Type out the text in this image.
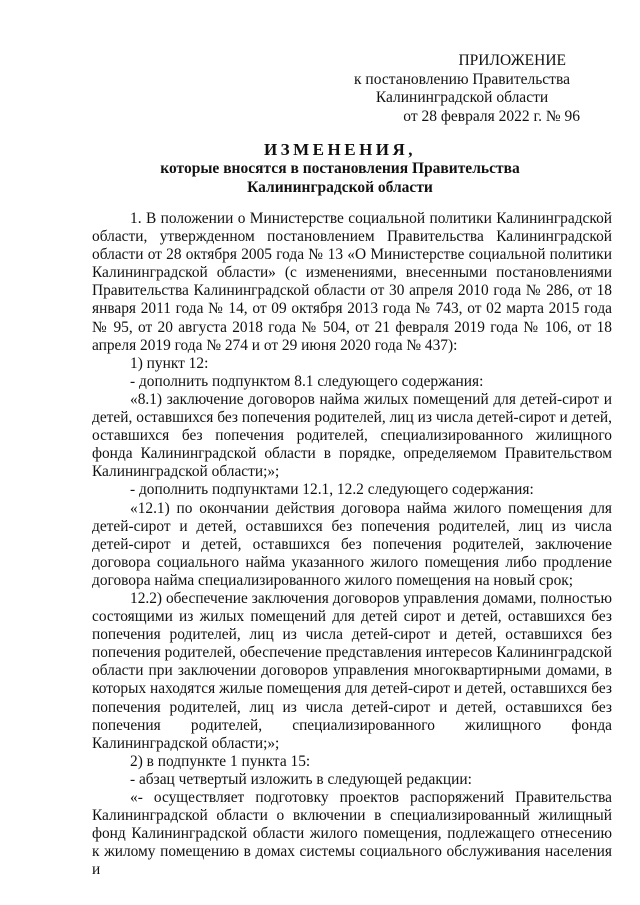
ПРИЛОЖЕНИЕ
к постановлению Правительства
Калининградской области
от 28 февраля 2022 г. № 96
ИЗМЕНЕНИЯ,
которые вносятся в постановления Правительства
Калининградской области

1. В положении о Министерстве социальной политики Калининградской области, утвержденном постановлением Правительства Калининградской области от 28 октября 2005 года № 13 «О Министерстве социальной политики Калининградской области» (с изменениями, внесенными постановлениями Правительства Калининградской области от 30 апреля 2010 года № 286, от 18 января 2011 года № 14, от 09 октября 2013 года № 743, от 02 марта 2015 года № 95, от 20 августа 2018 года № 504, от 21 февраля 2019 года № 106, от 18 апреля 2019 года № 274 и от 29 июня 2020 года № 437):

1) пункт 12:

- дополнить подпунктом 8.1 следующего содержания:

«8.1) заключение договоров найма жилых помещений для детей-сирот и детей, оставшихся без попечения родителей, лиц из числа детей-сирот и детей, оставшихся без попечения родителей, специализированного жилищного фонда Калининградской области в порядке, определяемом Правительством Калининградской области;»;

- дополнить подпунктами 12.1, 12.2 следующего содержания:

«12.1) по окончании действия договора найма жилого помещения для детей-сирот и детей, оставшихся без попечения родителей, лиц из числа детей-сирот и детей, оставшихся без попечения родителей, заключение договора социального найма указанного жилого помещения либо продление договора найма специализированного жилого помещения на новый срок;

12.2) обеспечение заключения договоров управления домами, полностью состоящими из жилых помещений для детей сирот и детей, оставшихся без попечения родителей, лиц из числа детей-сирот и детей, оставшихся без попечения родителей, обеспечение представления интересов Калининградской области при заключении договоров управления многоквартирными домами, в которых находятся жилые помещения для детей-сирот и детей, оставшихся без попечения родителей, лиц из числа детей-сирот и детей, оставшихся без попечения родителей, специализированного жилищного фонда Калининградской области;»;

2) в подпункте 1 пункта 15:

- абзац четвертый изложить в следующей редакции:

«- осуществляет подготовку проектов распоряжений Правительства Калининградской области о включении в специализированный жилищный фонд Калининградской области жилого помещения, подлежащего отнесению к жилому помещению в домах системы социального обслуживания населения и
